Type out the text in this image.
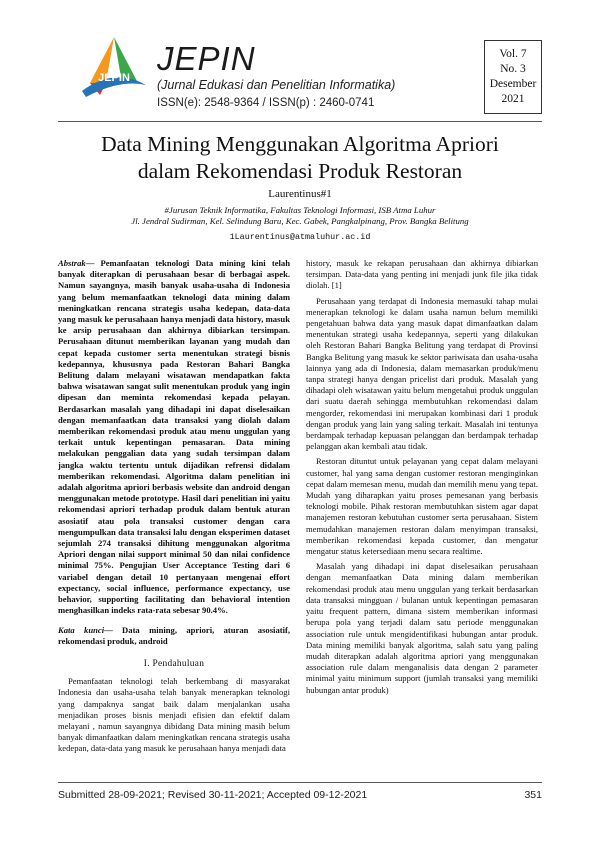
JEPIN
JEPIN
(Jurnal Edukasi dan Penelitian Informatika)
ISSN(e): 2548-9364 / ISSN(p) : 2460-0741
Vol. 7
No. 3
Desember
2021
Data Mining Menggunakan Algoritma Apriori
dalam Rekomendasi Produk Restoran
Laurentinus#1
#Jurusan Teknik Informatika, Fakultas Teknologi Informasi, ISB Atma Luhur
Jl. Jendral Sudirman, Kel. Selindung Baru, Kec. Gabek, Pangkalpinang, Prov. Bangka Belitung
1Laurentinus@atmaluhur.ac.id

Abstrak— Pemanfaatan teknologi Data mining kini telah banyak diterapkan di perusahaan besar di berbagai aspek. Namun sayangnya, masih banyak usaha-usaha di Indonesia yang belum memanfaatkan teknologi data mining dalam meningkatkan rencana strategis usaha kedepan, data-data yang masuk ke perusahaan hanya menjadi data history, masuk ke arsip perusahaan dan akhirnya dibiarkan tersimpan. Perusahaan ditunut memberikan layanan yang mudah dan cepat kepada customer serta menentukan strategi bisnis kedepannya, khususnya pada Restoran Bahari Bangka Belitung dalam melayani wisatawan mendapatkan fakta bahwa wisatawan sangat sulit menentukan produk yang ingin dipesan dan meminta rekomendasi kepada pelayan. Berdasarkan masalah yang dihadapi ini dapat diselesaikan dengan memanfaatkan data transaksi yang diolah dalam memberikan rekomendasi produk atau menu unggulan yang terkait untuk kepentingan pemasaran. Data mining melakukan penggalian data yang sudah tersimpan dalam jangka waktu tertentu untuk dijadikan refrensi didalam memberikan rekomendasi. Algoritma dalam penelitian ini adalah algoritma apriori berbasis website dan android dengan menggunakan metode prototype. Hasil dari penelitian ini yaitu rekomendasi apriori terhadap produk dalam bentuk aturan asosiatif atau pola transaksi customer dengan cara mengumpulkan data transaksi lalu dengan eksperimen dataset sejumlah 274 transaksi dihitung menggunakan algoritma Apriori dengan nilai support minimal 50 dan nilai confidence minimal 75%. Pengujian User Acceptance Testing dari 6 variabel dengan detail 10 pertanyaan mengenai effort expectancy, social influence, performance expectancy, use behavior, supporting facilitating dan behavioral intention menghasilkan indeks rata-rata sebesar 90.4%.

Kata kunci— Data mining, apriori, aturan asosiatif, rekomendasi produk, android

I. Pendahuluan

Pemanfaatan teknologi telah berkembang di masyarakat Indonesia dan usaha-usaha telah banyak menerapkan teknologi yang dampaknya sangat baik dalam menjalankan usaha menjadikan proses bisnis menjadi efisien dan efektif dalam melayani , namun sayangnya dibidang Data mining masih belum banyak dimanfaatkan dalam meningkatkan rencana strategis usaha kedepan, data-data yang masuk ke perusahaan hanya menjadi data

history, masuk ke rekapan perusahaan dan akhirnya dibiarkan tersimpan. Data-data yang penting ini menjadi junk file jika tidak diolah. [1]

Perusahaan yang terdapat di Indonesia memasuki tahap mulai menerapkan teknologi ke dalam usaha namun belum memiliki pengetahuan bahwa data yang masuk dapat dimanfaatkan dalam menentukan strategi usaha kedepannya, seperti yang dilakukan oleh Restoran Bahari Bangka Belitung yang terdapat di Provinsi Bangka Belitung yang masuk ke sektor pariwisata dan usaha-usaha lainnya yang ada di Indonesia, dalam memasarkan produk/menu tanpa strategi hanya dengan pricelist dari produk. Masalah yang dihadapi oleh wisatawan yaitu belum mengetahui produk unggulan dari suatu daerah sehingga membutuhkan rekomendasi dalam mengorder, rekomendasi ini merupakan kombinasi dari 1 produk dengan produk yang lain yang saling terkait. Masalah ini tentunya berdampak terhadap kepuasan pelanggan dan berdampak terhadap pelanggan akan kembali atau tidak.

Restoran dituntut untuk pelayanan yang cepat dalam melayani customer, hal yang sama dengan customer restoran menginginkan cepat dalam memesan menu, mudah dan memilih menu yang tepat. Mudah yang diharapkan yaitu proses pemesanan yang berbasis teknologi mobile. Pihak restoran membutuhkan sistem agar dapat manajemen restoran kebutuhan customer serta perusahaan. Sistem memudahkan manajemen restoran dalam menyimpan transaksi, memberikan rekomendasi kepada customer, dan mengatur mengatur status ketersediaan menu secara realtime.

Masalah yang dihadapi ini dapat diselesaikan perusahaan dengan memanfaatkan Data mining dalam memberikan rekomendasi produk atau menu unggulan yang terkait berdasarkan data transaksi mingguan / bulanan untuk kepentingan pemasaran yaitu frequent pattern, dimana sistem memberikan informasi berupa pola yang terjadi dalam satu periode menggunakan association rule untuk mengidentifikasi hubungan antar produk. Data mining memiliki banyak algoritma, salah satu yang paling mudah diterapkan adalah algoritma apriori yang menggunakan association rule dalam menganalisis data dengan 2 parameter minimal yaitu minimum support (jumlah transaksi yang memiliki hubungan antar produk)

Submitted 28-09-2021; Revised 30-11-2021; Accepted 09-12-2021	351
